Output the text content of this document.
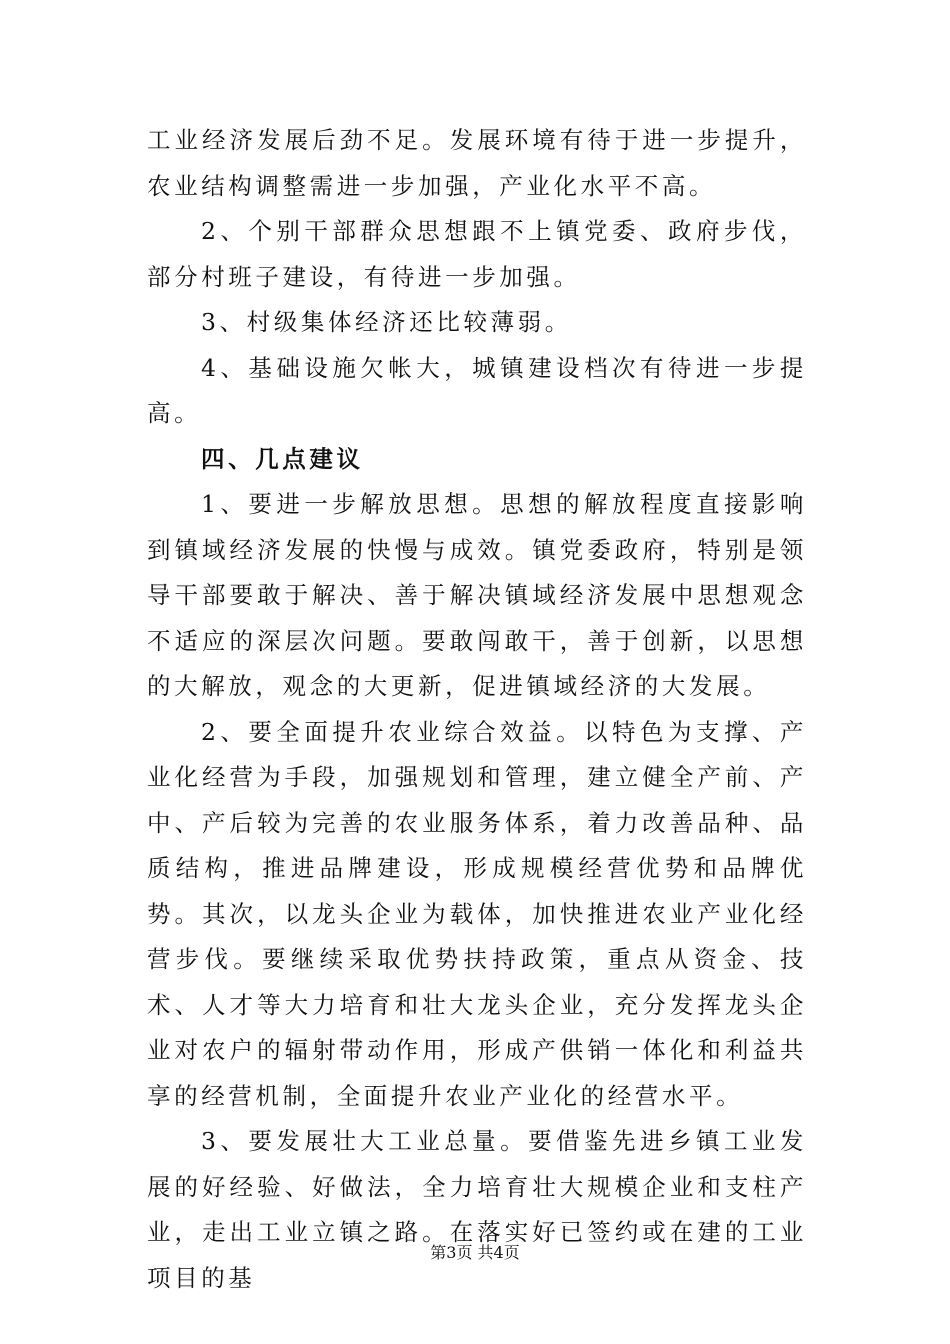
工业经济发展后劲不足。发展环境有待于进一步提升，农业结构调整需进一步加强，产业化水平不高。

2、个别干部群众思想跟不上镇党委、政府步伐，部分村班子建设，有待进一步加强。

3、村级集体经济还比较薄弱。

4、基础设施欠帐大，城镇建设档次有待进一步提高。

四、几点建议

1、要进一步解放思想。思想的解放程度直接影响到镇域经济发展的快慢与成效。镇党委政府，特别是领导干部要敢于解决、善于解决镇域经济发展中思想观念不适应的深层次问题。要敢闯敢干，善于创新，以思想的大解放，观念的大更新，促进镇域经济的大发展。

2、要全面提升农业综合效益。以特色为支撑、产业化经营为手段，加强规划和管理，建立健全产前、产中、产后较为完善的农业服务体系，着力改善品种、品质结构，推进品牌建设，形成规模经营优势和品牌优势。其次，以龙头企业为载体，加快推进农业产业化经营步伐。要继续采取优势扶持政策，重点从资金、技术、人才等大力培育和壮大龙头企业，充分发挥龙头企业对农户的辐射带动作用，形成产供销一体化和利益共享的经营机制，全面提升农业产业化的经营水平。

3、要发展壮大工业总量。要借鉴先进乡镇工业发展的好经验、好做法，全力培育壮大规模企业和支柱产业，走出工业立镇之路。在落实好已签约或在建的工业项目的基

第3页 共4页
